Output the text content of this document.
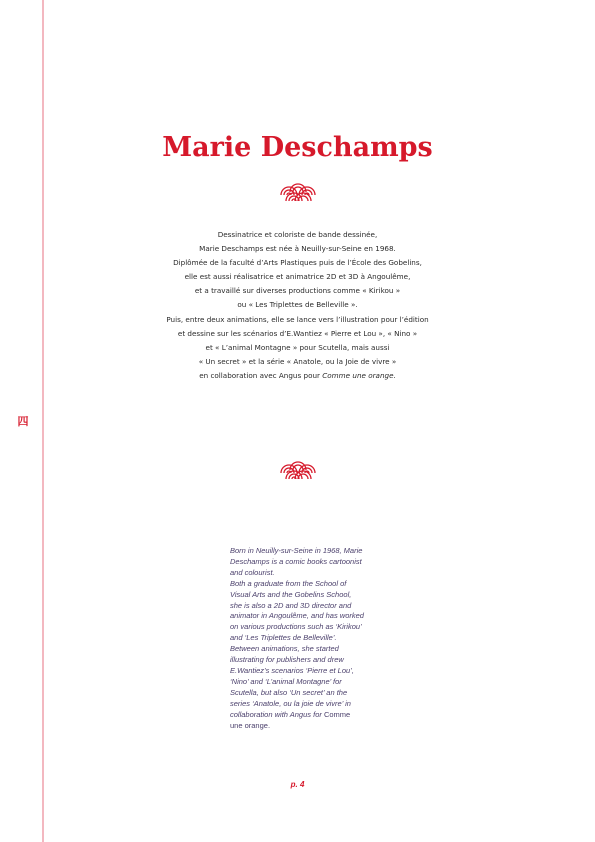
四
Marie Deschamps
Dessinatrice et coloriste de bande dessinée,
Marie Deschamps est née à Neuilly-sur-Seine en 1968.
Diplômée de la faculté d’Arts Plastiques puis de l’École des Gobelins,
elle est aussi réalisatrice et animatrice 2D et 3D à Angoulême,
et a travaillé sur diverses productions comme « Kirikou »
ou « Les Triplettes de Belleville ».
Puis, entre deux animations, elle se lance vers l’illustration pour l’édition
et dessine sur les scénarios d’E.Wantiez « Pierre et Lou », « Nino »
et « L’animal Montagne » pour Scutella, mais aussi
« Un secret » et la série « Anatole, ou la Joie de vivre »
en collaboration avec Angus pour Comme une orange.
Born in Neuilly-sur-Seine in 1968, Marie
Deschamps is a comic books cartoonist
and colourist.
Both a graduate from the School of
Visual Arts and the Gobelins School,
she is also a 2D and 3D director and
animator in Angoulême, and has worked
on various productions such as ‘Kirikou’
and ‘Les Triplettes de Belleville’.
Between animations, she started
illustrating for publishers and drew
E.Wantiez’s scenarios ‘Pierre et Lou’,
‘Nino’ and ‘L’animal Montagne’ for
Scutella, but also ‘Un secret’ an the
series ‘Anatole, ou la joie de vivre’ in
collaboration with Angus for Comme
une orange.
p. 4
